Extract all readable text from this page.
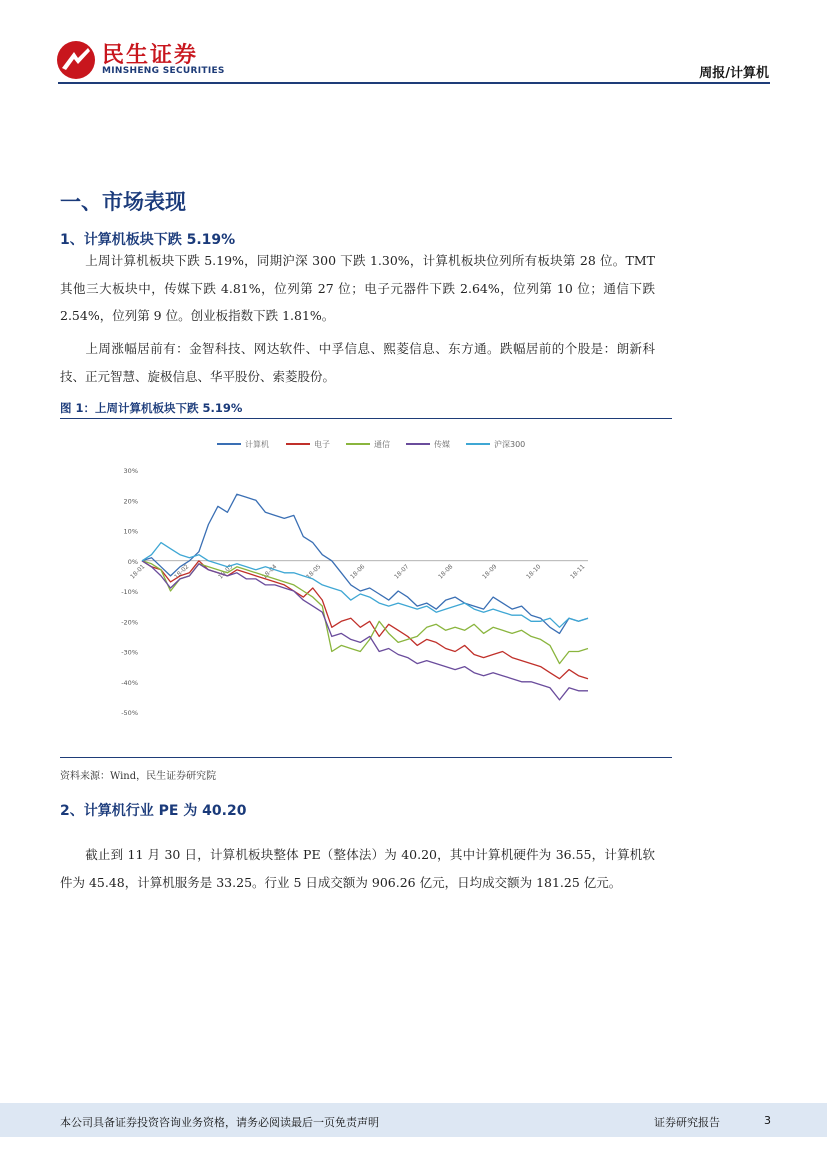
民生证券
MINSHENG SECURITIES	周报/计算机
一、市场表现
1、计算机板块下跌 5.19%
上周计算机板块下跌 5.19%，同期沪深 300 下跌 1.30%，计算机板块位列所有板块第 28 位。TMT 其他三大板块中，传媒下跌 4.81%，位列第 27 位；电子元器件下跌 2.64%，位列第 10 位；通信下跌 2.54%，位列第 9 位。创业板指数下跌 1.81%。
上周涨幅居前有：金智科技、网达软件、中孚信息、熙菱信息、东方通。跌幅居前的个股是：朗新科技、正元智慧、旋极信息、华平股份、索菱股份。
图 1：上周计算机板块下跌 5.19%
30%
20%
10%
0%
-10%
-20%
-30%
-40%
-50%
18-01	18-02	18-03	18-04	18-05	18-06	18-07	18-08	18-09	18-10	18-11
计算机	电子	通信	传媒	沪深300
资料来源：Wind，民生证券研究院
2、计算机行业 PE 为 40.20
截止到 11 月 30 日，计算机板块整体 PE（整体法）为 40.20，其中计算机硬件为 36.55，计算机软件为 45.48，计算机服务是 33.25。行业 5 日成交额为 906.26 亿元，日均成交额为 181.25 亿元。
本公司具备证券投资咨询业务资格，请务必阅读最后一页免责声明	证券研究报告	3
